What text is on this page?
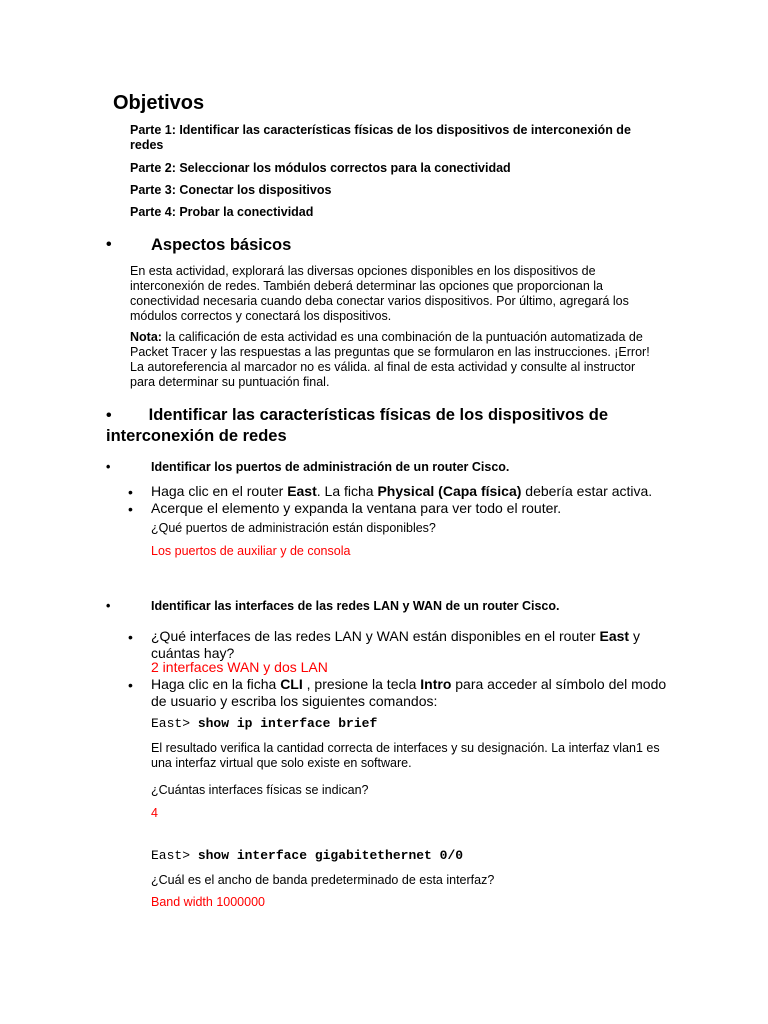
Objetivos
Parte 1: Identificar las características físicas de los dispositivos de interconexión de redes
Parte 2: Seleccionar los módulos correctos para la conectividad
Parte 3: Conectar los dispositivos
Parte 4: Probar la conectividad
• Aspectos básicos
En esta actividad, explorará las diversas opciones disponibles en los dispositivos de interconexión de redes. También deberá determinar las opciones que proporcionan la conectividad necesaria cuando deba conectar varios dispositivos. Por último, agregará los módulos correctos y conectará los dispositivos.
Nota: la calificación de esta actividad es una combinación de la puntuación automatizada de Packet Tracer y las respuestas a las preguntas que se formularon en las instrucciones. ¡Error! La autoreferencia al marcador no es válida. al final de esta actividad y consulte al instructor para determinar su puntuación final.
• Identificar las características físicas de los dispositivos de interconexión de redes
•	Identificar los puertos de administración de un router Cisco.
• Haga clic en el router East. La ficha Physical (Capa física) debería estar activa.
• Acerque el elemento y expanda la ventana para ver todo el router.
¿Qué puertos de administración están disponibles?
Los puertos de auxiliar y de consola
•	Identificar las interfaces de las redes LAN y WAN de un router Cisco.
• ¿Qué interfaces de las redes LAN y WAN están disponibles en el router East y cuántas hay?
2 interfaces WAN y dos LAN
• Haga clic en la ficha CLI , presione la tecla Intro para acceder al símbolo del modo de usuario y escriba los siguientes comandos:
East> show ip interface brief
El resultado verifica la cantidad correcta de interfaces y su designación. La interfaz vlan1 es una interfaz virtual que solo existe en software.
¿Cuántas interfaces físicas se indican?
4
East> show interface gigabitethernet 0/0
¿Cuál es el ancho de banda predeterminado de esta interfaz?
Band width 1000000
